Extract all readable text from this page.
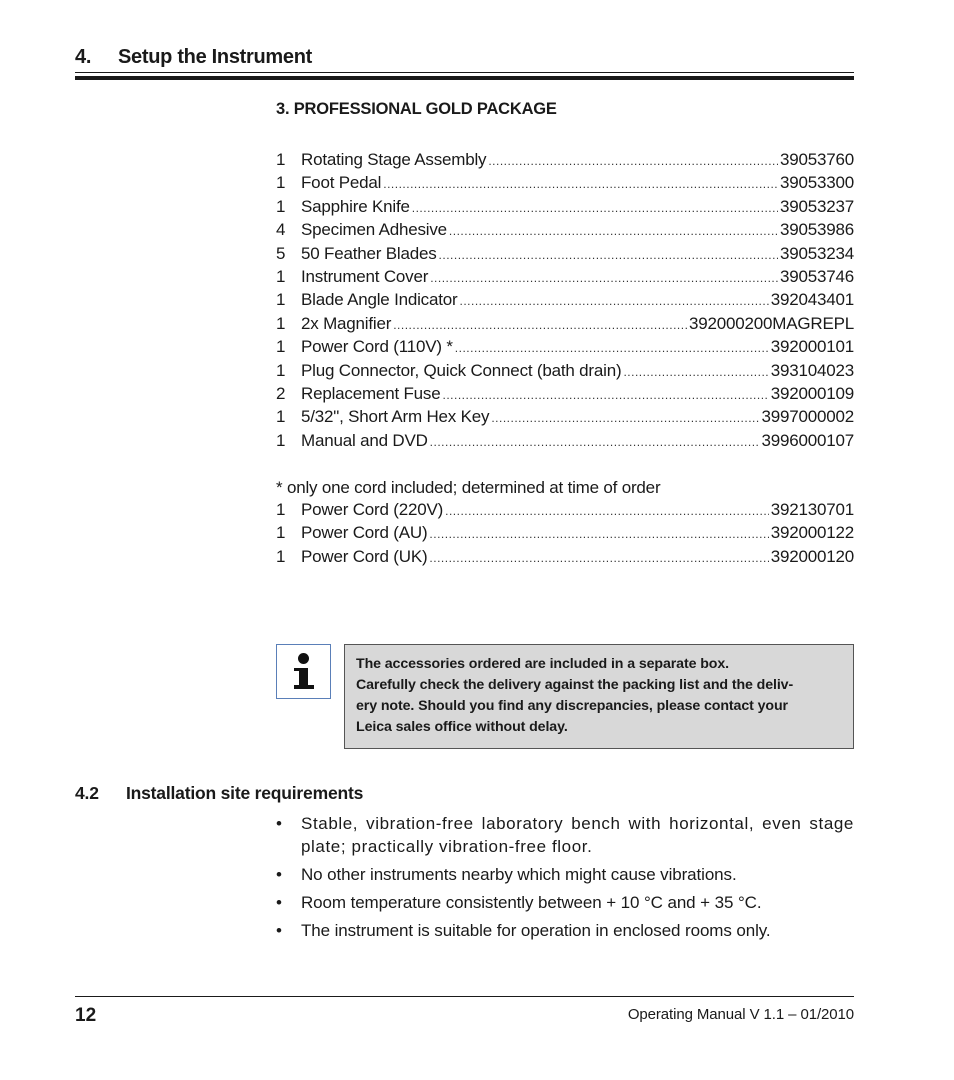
4. Setup the Instrument
3. PROFESSIONAL GOLD PACKAGE
1 Rotating Stage Assembly .....	39053760
1 Foot Pedal .....	39053300
1 Sapphire Knife .....	39053237
4 Specimen Adhesive .....	39053986
5 50 Feather Blades .....	39053234
1 Instrument Cover .....	39053746
1 Blade Angle Indicator .....	392043401
1 2x Magnifier .....	392000200MAGREPL
1 Power Cord (110V) * .....	392000101
1 Plug Connector, Quick Connect (bath drain) .....	393104023
2 Replacement Fuse .....	392000109
1 5/32", Short Arm Hex Key .....	3997000002
1 Manual and DVD .....	3996000107
* only one cord included; determined at time of order
1 Power Cord (220V) .....	392130701
1 Power Cord (AU) .....	392000122
1 Power Cord (UK) .....	392000120
The accessories ordered are included in a separate box.
Carefully check the delivery against the packing list and the deliv-
ery note. Should you find any discrepancies, please contact your
Leica sales office without delay.
4.2 Installation site requirements
• Stable, vibration-free laboratory bench with horizontal, even stage plate; practically vibration-free floor.
• No other instruments nearby which might cause vibrations.
• Room temperature consistently between + 10 °C and + 35 °C.
• The instrument is suitable for operation in enclosed rooms only.
12	Operating Manual V 1.1 – 01/2010
